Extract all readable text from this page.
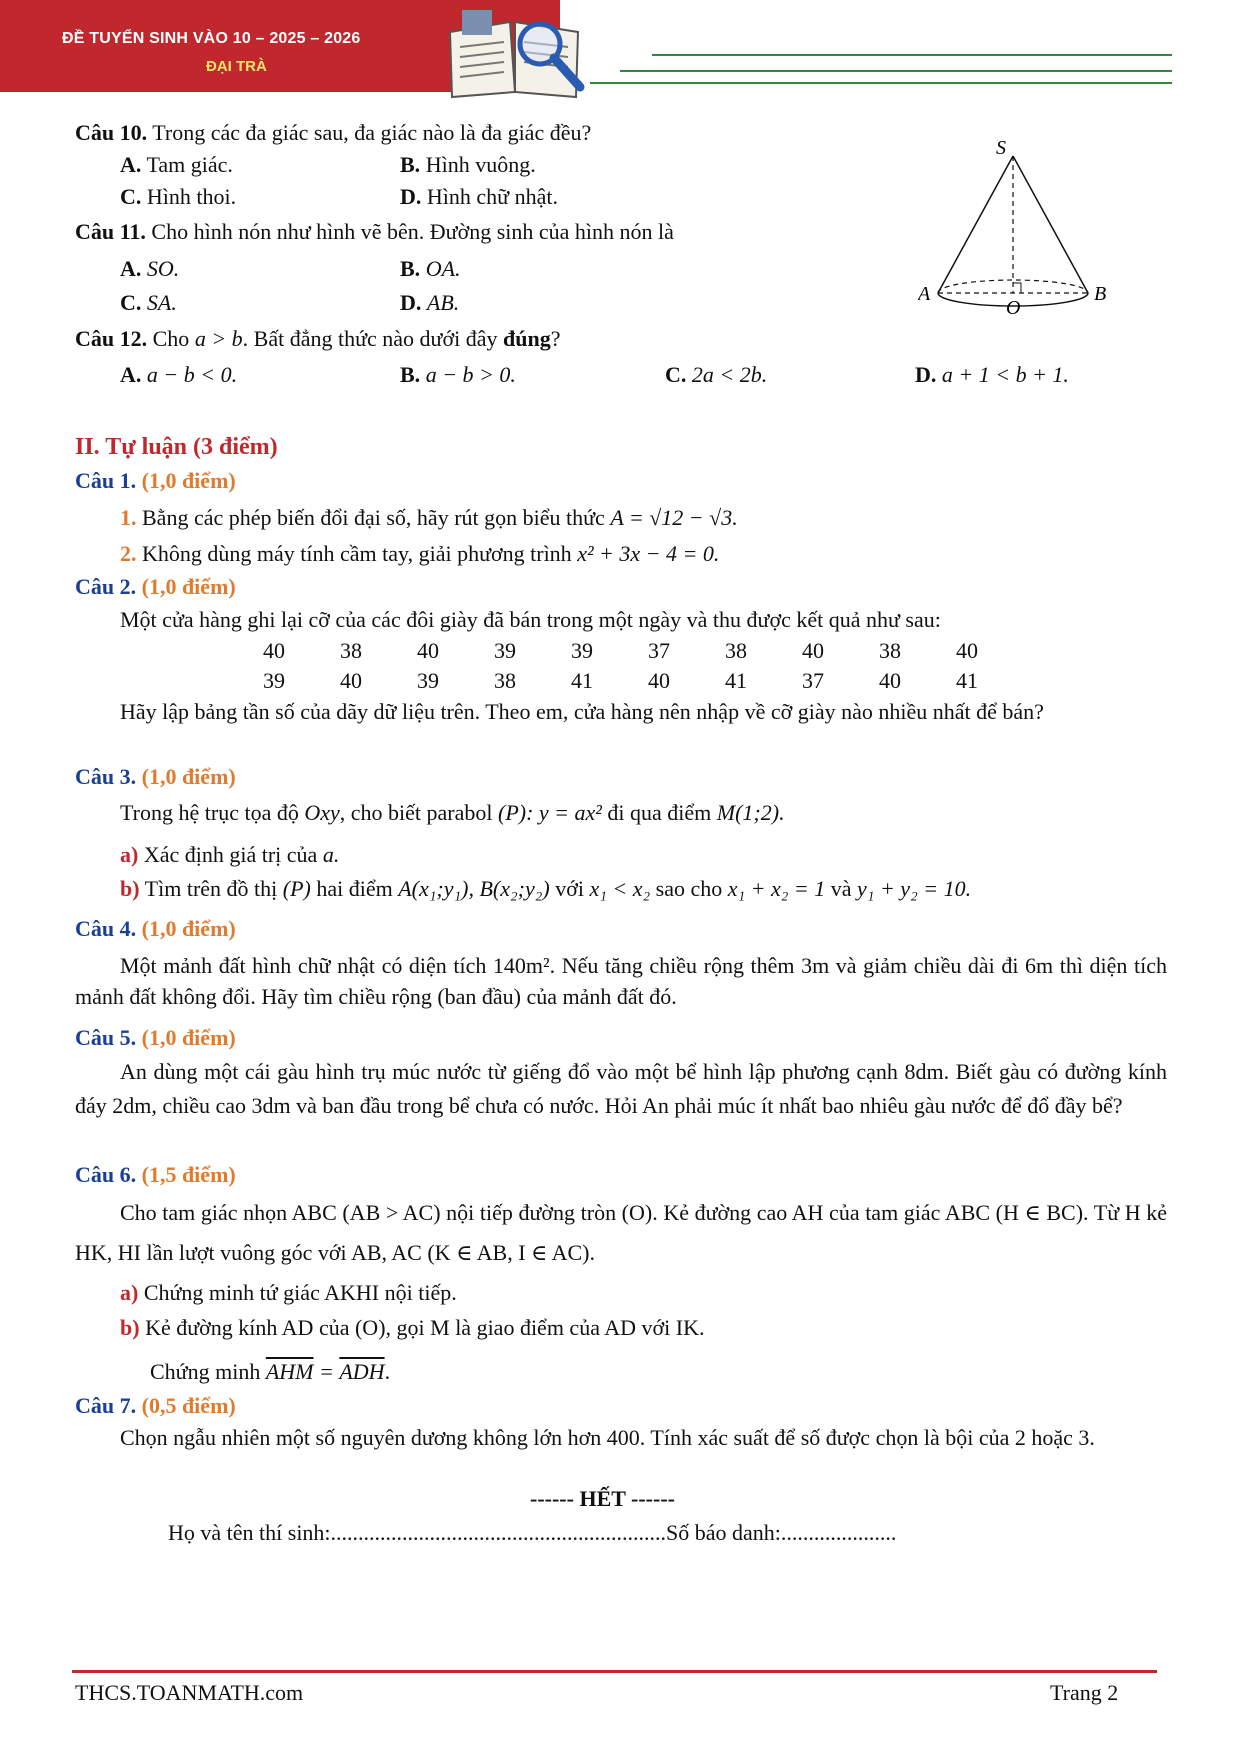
ĐỀ TUYỂN SINH VÀO 10 – 2025 – 2026
ĐẠI TRÀ
Câu 10. Trong các đa giác sau, đa giác nào là đa giác đều?
A. Tam giác.	B. Hình vuông.
C. Hình thoi.	D. Hình chữ nhật.
Câu 11. Cho hình nón như hình vẽ bên. Đường sinh của hình nón là
A. SO.	B. OA.
C. SA.	D. AB.
S
A	B
O
Câu 12. Cho a > b. Bất đẳng thức nào dưới đây đúng?
A. a − b < 0.	B. a − b > 0.	C. 2a < 2b.	D. a + 1 < b + 1.
II. Tự luận (3 điểm)
Câu 1. (1,0 điểm)
1. Bằng các phép biến đổi đại số, hãy rút gọn biểu thức A = √12 − √3.
2. Không dùng máy tính cầm tay, giải phương trình x² + 3x − 4 = 0.
Câu 2. (1,0 điểm)
Một cửa hàng ghi lại cỡ của các đôi giày đã bán trong một ngày và thu được kết quả như sau:
40	38	40	39	39	37	38	40	38	40
39	40	39	38	41	40	41	37	40	41
Hãy lập bảng tần số của dãy dữ liệu trên. Theo em, cửa hàng nên nhập về cỡ giày nào nhiều nhất để bán?
Câu 3. (1,0 điểm)
Trong hệ trục tọa độ Oxy, cho biết parabol (P): y = ax² đi qua điểm M(1;2).
a) Xác định giá trị của a.
b) Tìm trên đồ thị (P) hai điểm A(x₁;y₁), B(x₂;y₂) với x₁ < x₂ sao cho x₁ + x₂ = 1 và y₁ + y₂ = 10.
Câu 4. (1,0 điểm)
Một mảnh đất hình chữ nhật có diện tích 140m². Nếu tăng chiều rộng thêm 3m và giảm chiều dài đi 6m thì diện tích mảnh đất không đổi. Hãy tìm chiều rộng (ban đầu) của mảnh đất đó.
Câu 5. (1,0 điểm)
An dùng một cái gàu hình trụ múc nước từ giếng đổ vào một bể hình lập phương cạnh 8dm. Biết gàu có đường kính đáy 2dm, chiều cao 3dm và ban đầu trong bể chưa có nước. Hỏi An phải múc ít nhất bao nhiêu gàu nước để đổ đầy bể?
Câu 6. (1,5 điểm)
Cho tam giác nhọn ABC (AB > AC) nội tiếp đường tròn (O). Kẻ đường cao AH của tam giác ABC (H ∈ BC). Từ H kẻ HK, HI lần lượt vuông góc với AB, AC (K ∈ AB, I ∈ AC).
a) Chứng minh tứ giác AKHI nội tiếp.
b) Kẻ đường kính AD của (O), gọi M là giao điểm của AD với IK.
Chứng minh $\overline{AHM} = \overline{ADH}$.
Câu 7. (0,5 điểm)
Chọn ngẫu nhiên một số nguyên dương không lớn hơn 400. Tính xác suất để số được chọn là bội của 2 hoặc 3.
------ HẾT ------
Họ và tên thí sinh:.............................................................Số báo danh:.....................
THCS.TOANMATH.com	Trang 2
